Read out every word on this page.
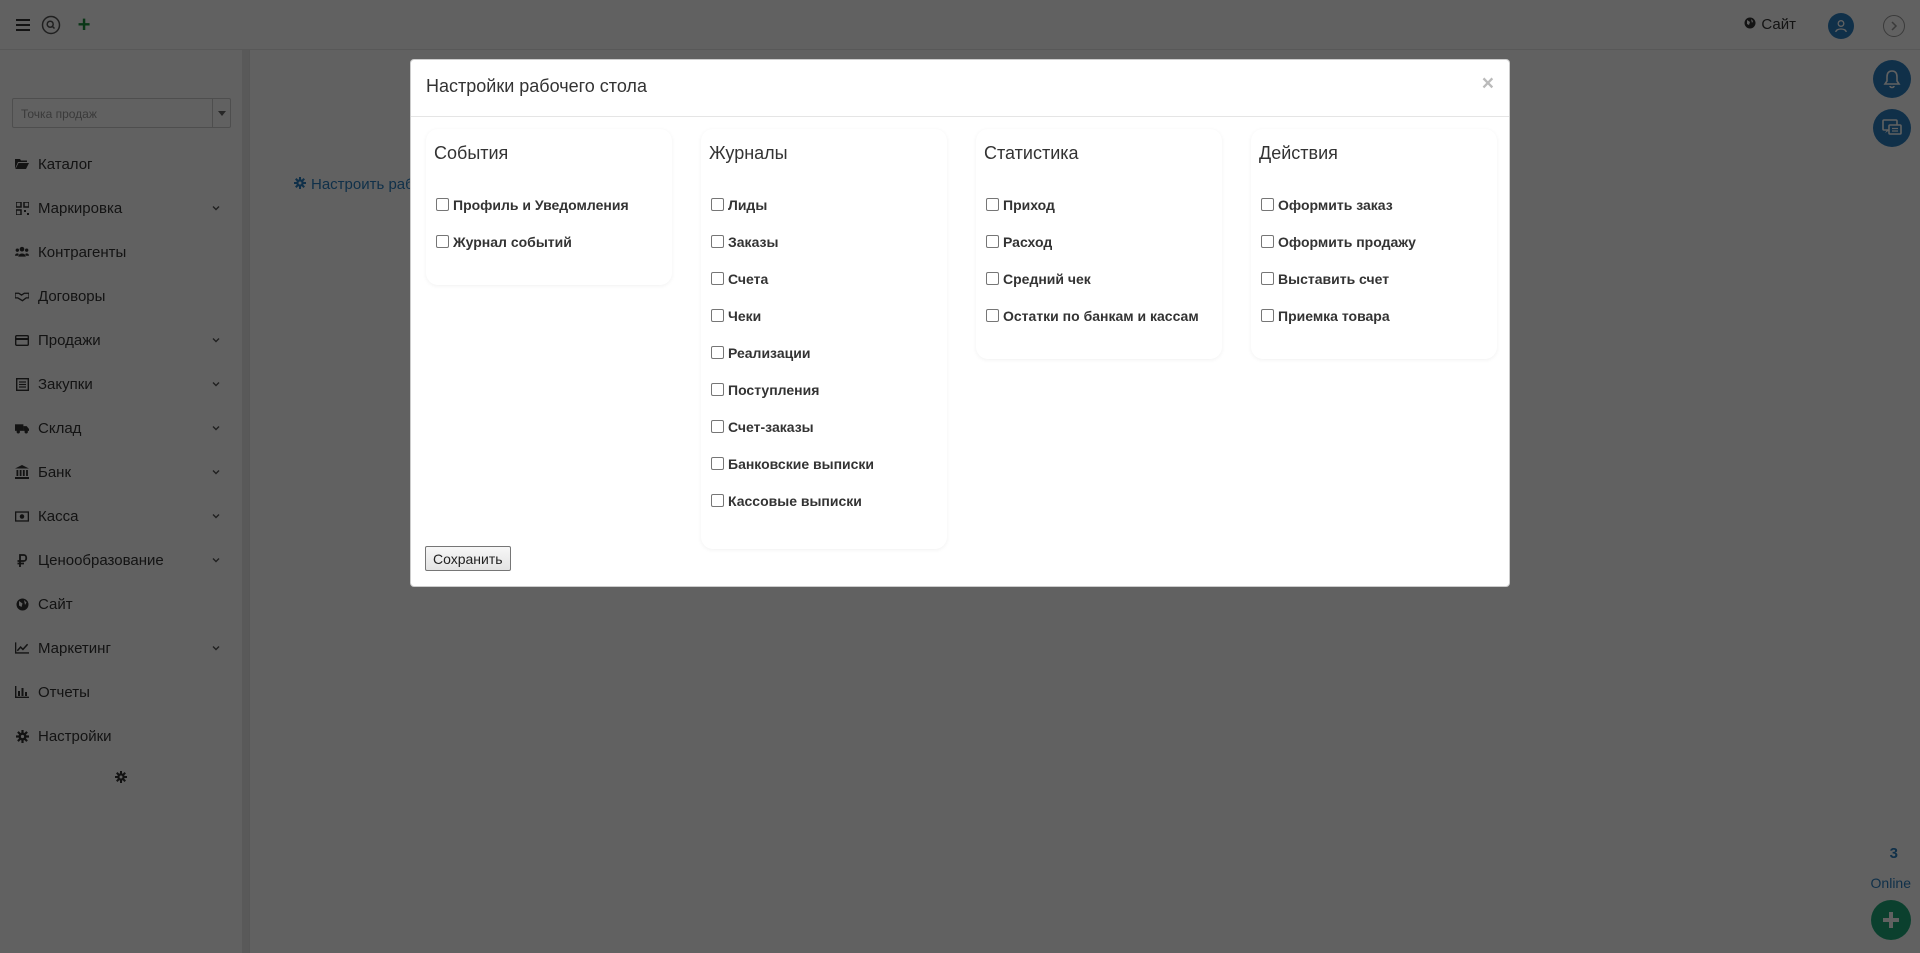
Настройки рабочего стола	×
События
Профиль и Уведомления
Журнал событий
Журналы
Лиды
Заказы
Счета
Чеки
Реализации
Поступления
Счет-заказы
Банковские выписки
Кассовые выписки
Статистика
Приход
Расход
Средний чек
Остатки по банкам и кассам
Действия
Оформить заказ
Оформить продажу
Выставить счет
Приемка товара
Сохранить
